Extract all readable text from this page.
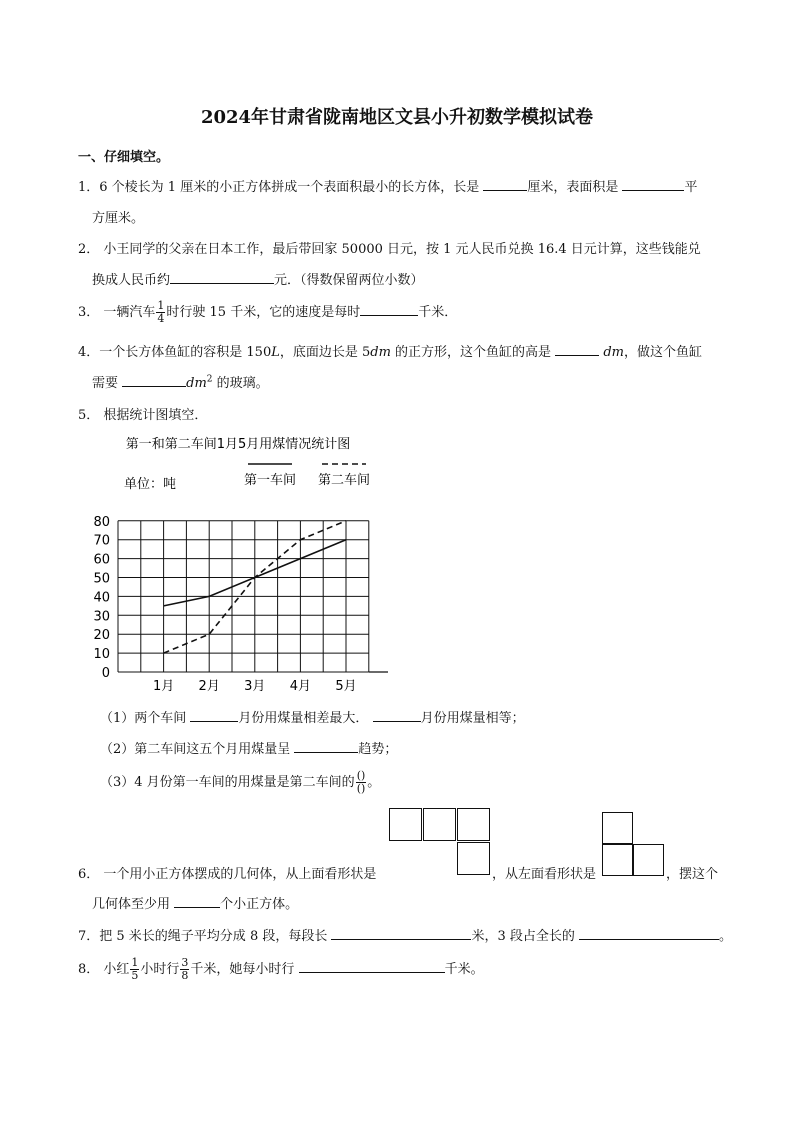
2024年甘肃省陇南地区文县小升初数学模拟试卷
一、仔细填空。
1．6 个棱长为 1 厘米的小正方体拼成一个表面积最小的长方体，长是	厘米，表面积是	平
方厘米。
2． 小王同学的父亲在日本工作，最后带回家 50000 日元，按 1 元人民币兑换 16.4 日元计算，这些钱能兑
换成人民币约	元．（得数保留两位小数）
3． 一辆汽车 $\frac{1}{4}$ 时行驶 15 千米，它的速度是每时	千米．
4．一个长方体鱼缸的容积是 150L，底面边长是 5dm 的正方形，这个鱼缸的高是	dm，做这个鱼缸
需要	$dm^2$ 的玻璃。
5． 根据统计图填空．
第一和第二车间1月5月用煤情况统计图
单位：吨	第一车间 第二车间
0
10
20
30
40
50
60
70
80
1月 2月 3月 4月 5月
（1）两个车间	月份用煤量相差最大．	月份用煤量相等；
（2）第二车间这五个月用煤量呈	趋势；
（3）4 月份第一车间的用煤量是第二车间的 $\frac{()}{()}$ 。
6． 一个用小正方体摆成的几何体，从上面看形状是	，从左面看形状是	，摆这个
几何体至少用	个小正方体。
7．把 5 米长的绳子平均分成 8 段，每段长	米，3 段占全长的	。
8． 小红 $\frac{1}{5}$ 小时行 $\frac{3}{8}$ 千米，她每小时行	千米。
